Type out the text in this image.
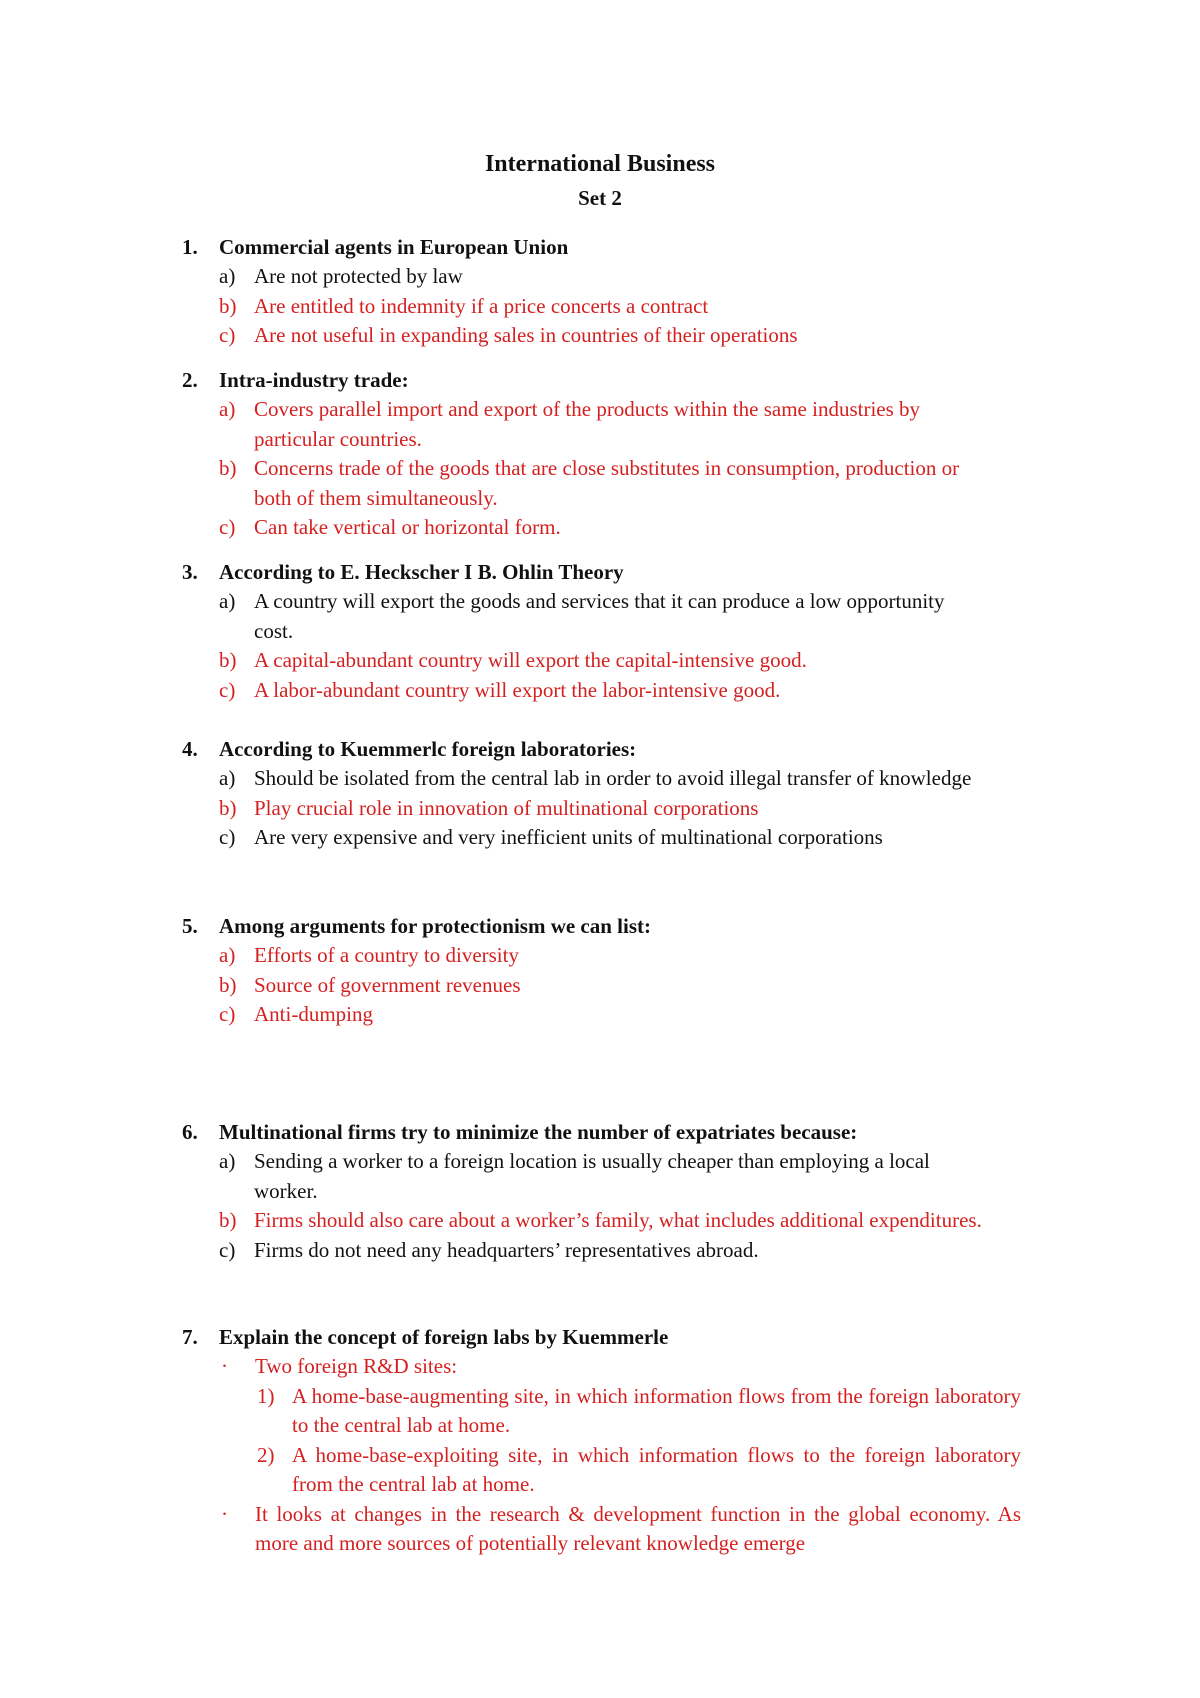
International Business
Set 2
1. Commercial agents in European Union
a) Are not protected by law
b) Are entitled to indemnity if a price concerts a contract
c) Are not useful in expanding sales in countries of their operations
2. Intra-industry trade:
a) Covers parallel import and export of the products within the same industries by particular countries.
b) Concerns trade of the goods that are close substitutes in consumption, production or both of them simultaneously.
c) Can take vertical or horizontal form.
3. According to E. Heckscher I B. Ohlin Theory
a) A country will export the goods and services that it can produce a low opportunity cost.
b) A capital-abundant country will export the capital-intensive good.
c) A labor-abundant country will export the labor-intensive good.
4. According to Kuemmerlc foreign laboratories:
a) Should be isolated from the central lab in order to avoid illegal transfer of knowledge
b) Play crucial role in innovation of multinational corporations
c) Are very expensive and very inefficient units of multinational corporations
5. Among arguments for protectionism we can list:
a) Efforts of a country to diversity
b) Source of government revenues
c) Anti-dumping
6. Multinational firms try to minimize the number of expatriates because:
a) Sending a worker to a foreign location is usually cheaper than employing a local worker.
b) Firms should also care about a worker’s family, what includes additional expenditures.
c) Firms do not need any headquarters’ representatives abroad.
7. Explain the concept of foreign labs by Kuemmerle
· Two foreign R&D sites:
1) A home-base-augmenting site, in which information flows from the foreign laboratory to the central lab at home.
2) A home-base-exploiting site, in which information flows to the foreign laboratory from the central lab at home.
· It looks at changes in the research & development function in the global economy. As more and more sources of potentially relevant knowledge emerge
